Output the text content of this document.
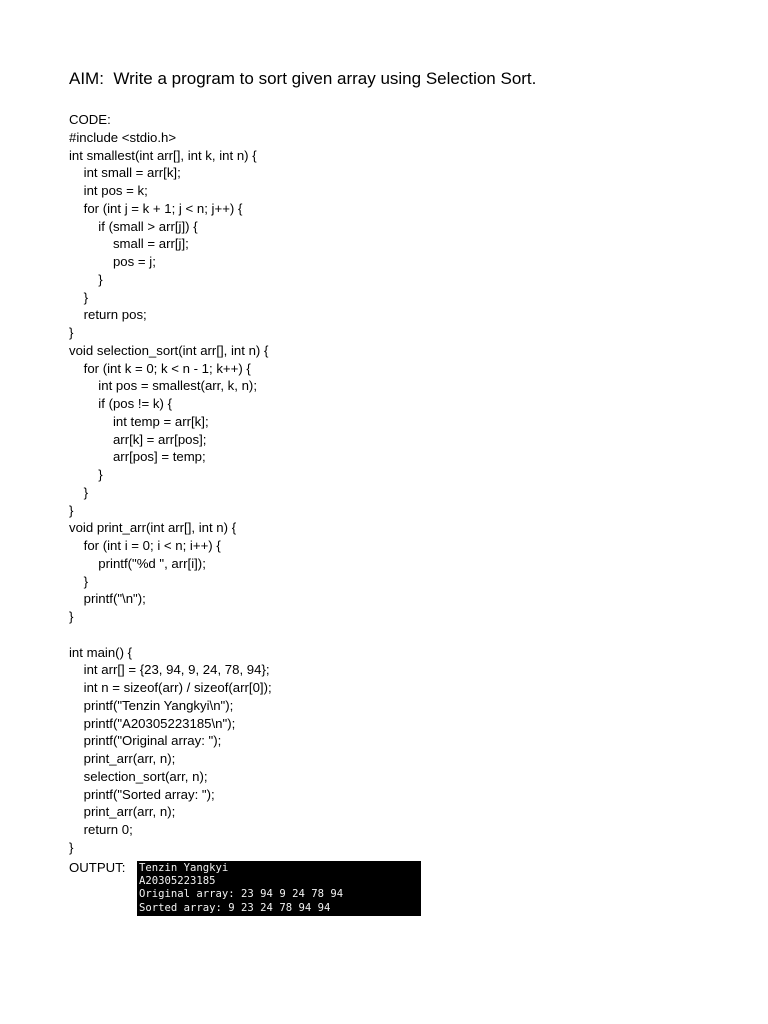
AIM:  Write a program to sort given array using Selection Sort.
CODE:
#include <stdio.h>
int smallest(int arr[], int k, int n) {
int small = arr[k];
int pos = k;
for (int j = k + 1; j < n; j++) {
if (small > arr[j]) {
small = arr[j];
pos = j;
}
}
return pos;
}
void selection_sort(int arr[], int n) {
for (int k = 0; k < n - 1; k++) {
int pos = smallest(arr, k, n);
if (pos != k) {
int temp = arr[k];
arr[k] = arr[pos];
arr[pos] = temp;
}
}
}
void print_arr(int arr[], int n) {
for (int i = 0; i < n; i++) {
printf("%d ", arr[i]);
}
printf("\n");
}
int main() {
int arr[] = {23, 94, 9, 24, 78, 94};
int n = sizeof(arr) / sizeof(arr[0]);
printf("Tenzin Yangkyi\n");
printf("A20305223185\n");
printf("Original array: ");
print_arr(arr, n);
selection_sort(arr, n);
printf("Sorted array: ");
print_arr(arr, n);
return 0;
}
OUTPUT: Tenzin Yangkyi
A20305223185
Original array: 23 94 9 24 78 94
Sorted array: 9 23 24 78 94 94
